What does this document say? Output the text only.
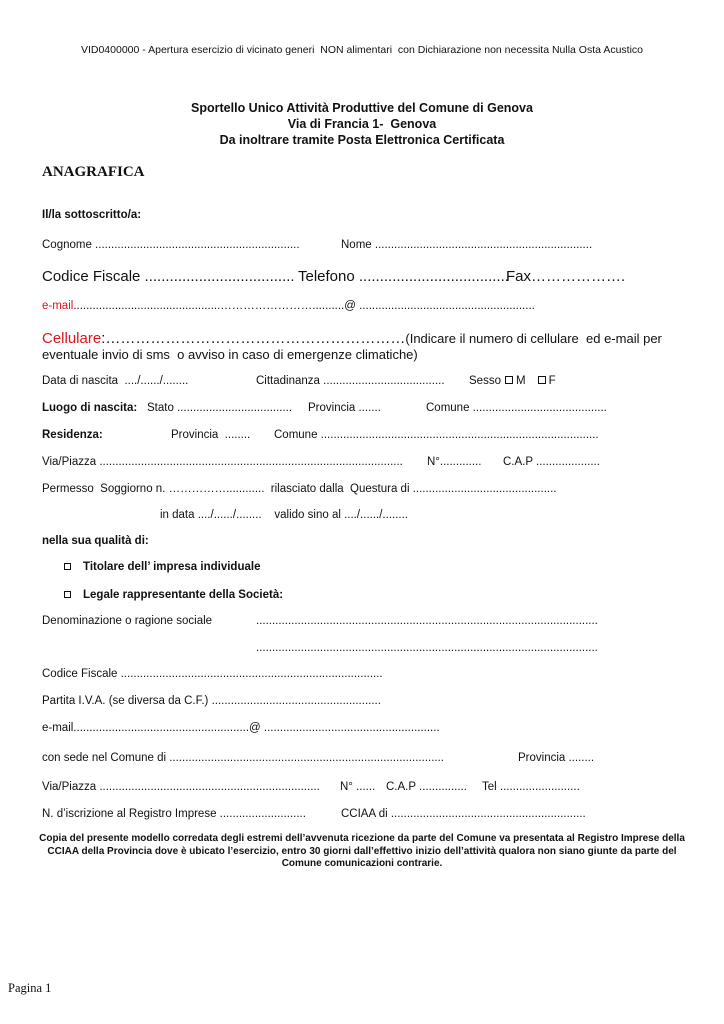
VID0400000 - Apertura esercizio di vicinato generi  NON alimentari  con Dichiarazione non necessita Nulla Osta Acustico
Sportello Unico Attività Produttive del Comune di Genova
Via di Francia 1-  Genova
Da inoltrare tramite Posta Elettronica Certificata
ANAGRAFICA
Il/la sottoscritto/a:
Cognome ................................................................	Nome ....................................................................
Codice Fiscale .................................... Telefono ....................................
Fax……………….
e-mail..............................................……………………..........@ .......................................................
Cellulare:……………………………………………………(Indicare il numero di cellulare  ed e-mail per
eventuale invio di sms  o avviso in caso di emergenze climatiche)
Data di nascita  ..../....../........	Cittadinanza ...................................... Sesso M F
Luogo di nascita: Stato .................................... Provincia .......	Comune ..........................................
Residenza:	Provincia  ........ Comune .......................................................................................
Via/Piazza ............................................................................................... N°............. C.A.P ....................
Permesso  Soggiorno n. ……………............  rilasciato dalla  Questura di .............................................
in data ..../....../........    valido sino al ..../....../........
nella sua qualità di:
Titolare dell’ impresa individuale
Legale rappresentante della Società:
Denominazione o ragione sociale	...........................................................................................................
...........................................................................................................
Codice Fiscale ..................................................................................
Partita I.V.A. (se diversa da C.F.) .....................................................
e-mail.......................................................@ .......................................................
con sede nel Comune di ......................................................................................	Provincia ........
Via/Piazza ..................................................................... N° ...... C.A.P ............... Tel .........................
N. d’iscrizione al Registro Imprese ...........................	CCIAA di .............................................................
Copia del presente modello corredata degli estremi dell’avvenuta ricezione da parte del Comune va presentata al Registro Imprese della CCIAA della Provincia dove è ubicato l’esercizio, entro 30 giorni dall’effettivo inizio dell’attività qualora non siano giunte da parte del Comune comunicazioni contrarie.
Pagina 1
